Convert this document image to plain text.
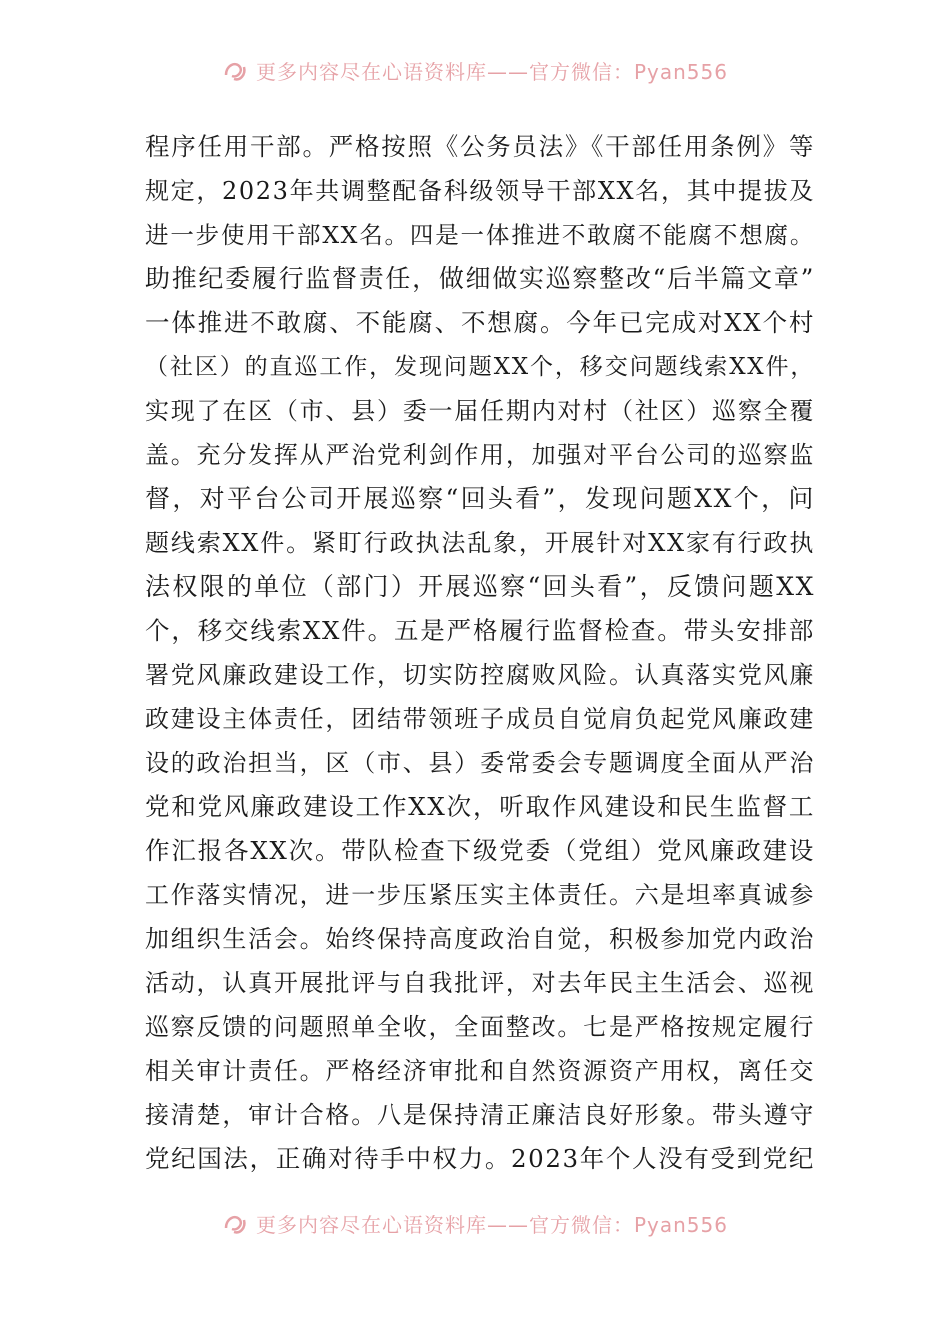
更多内容尽在心语资料库——官方微信：Pyan556
程序任用干部。严格按照《公务员法》《干部任用条例》等
规定，2023年共调整配备科级领导干部XX名，其中提拔及
进一步使用干部XX名。四是一体推进不敢腐不能腐不想腐。
助推纪委履行监督责任，做细做实巡察整改“后半篇文章”
一体推进不敢腐、不能腐、不想腐。今年已完成对XX个村
（社区）的直巡工作，发现问题XX个，移交问题线索XX件，
实现了在区（市、县）委一届任期内对村（社区）巡察全覆
盖。充分发挥从严治党利剑作用，加强对平台公司的巡察监
督，对平台公司开展巡察“回头看”，发现问题XX个，问
题线索XX件。紧盯行政执法乱象，开展针对XX家有行政执
法权限的单位（部门）开展巡察“回头看”，反馈问题XX
个，移交线索XX件。五是严格履行监督检查。带头安排部
署党风廉政建设工作，切实防控腐败风险。认真落实党风廉
政建设主体责任，团结带领班子成员自觉肩负起党风廉政建
设的政治担当，区（市、县）委常委会专题调度全面从严治
党和党风廉政建设工作XX次，听取作风建设和民生监督工
作汇报各XX次。带队检查下级党委（党组）党风廉政建设
工作落实情况，进一步压紧压实主体责任。六是坦率真诚参
加组织生活会。始终保持高度政治自觉，积极参加党内政治
活动，认真开展批评与自我批评，对去年民主生活会、巡视
巡察反馈的问题照单全收，全面整改。七是严格按规定履行
相关审计责任。严格经济审批和自然资源资产用权，离任交
接清楚，审计合格。八是保持清正廉洁良好形象。带头遵守
党纪国法，正确对待手中权力。2023年个人没有受到党纪
更多内容尽在心语资料库——官方微信：Pyan556
